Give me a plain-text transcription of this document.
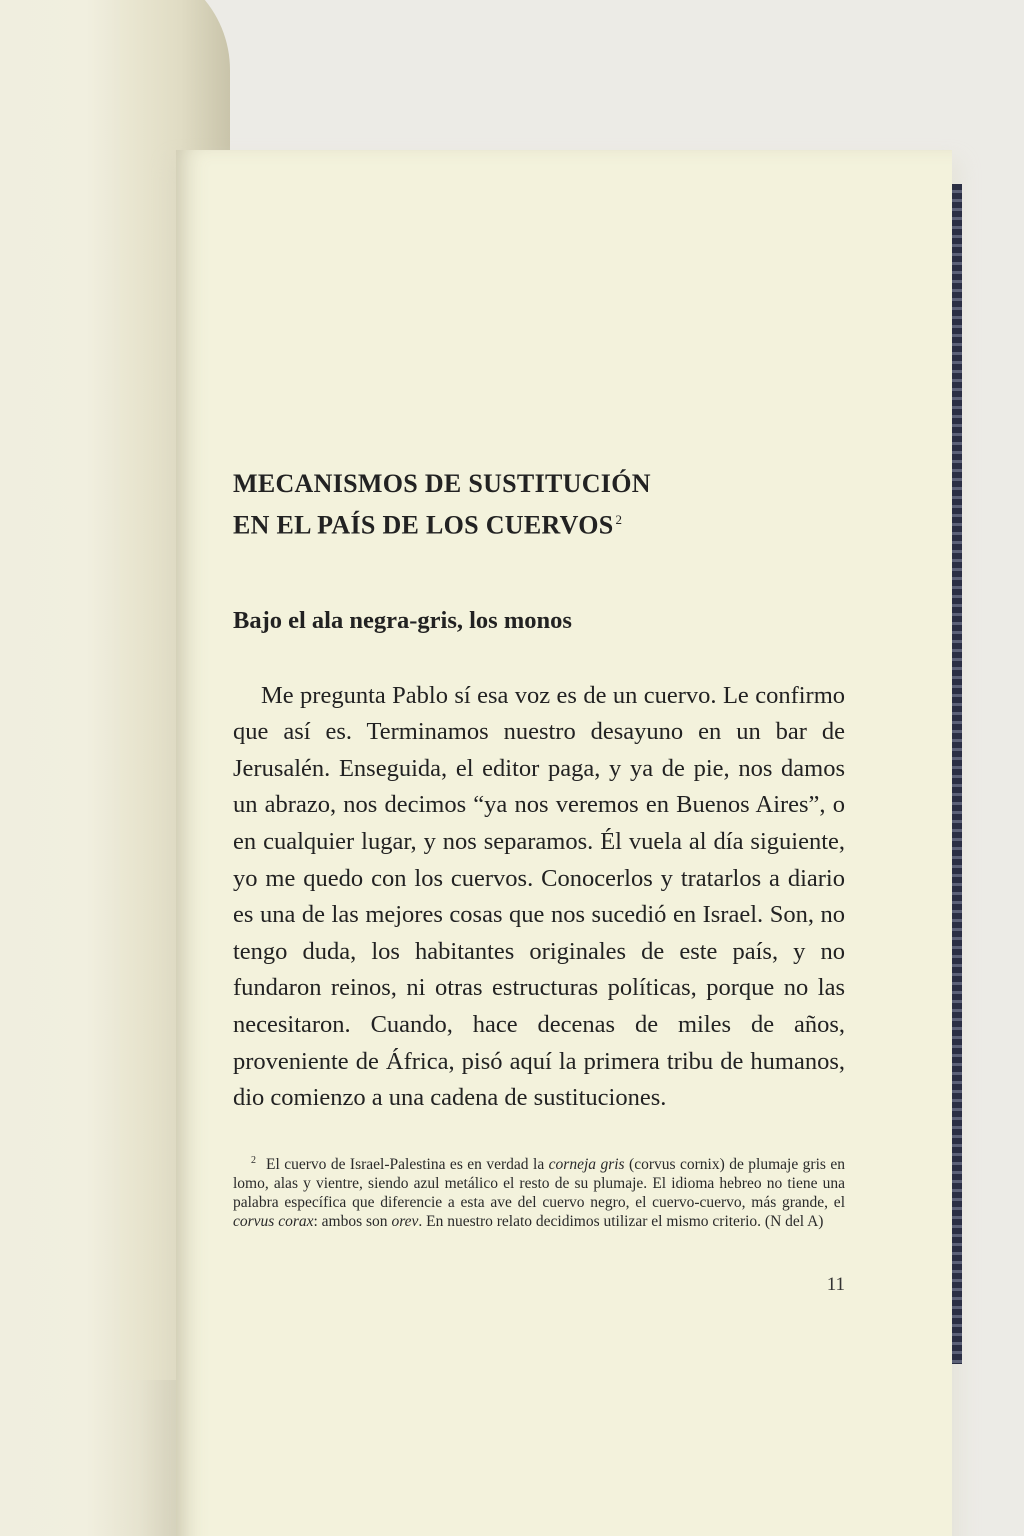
MECANISMOS DE SUSTITUCIÓN
EN EL PAÍS DE LOS CUERVOS $^2$
Bajo el ala negra-gris, los monos

Me pregunta Pablo sí esa voz es de un cuervo. Le confirmo que así es. Terminamos nuestro desayuno en un bar de Jerusalén. Enseguida, el editor paga, y ya de pie, nos damos un abrazo, nos decimos “ya nos veremos en Buenos Aires”, o en cualquier lugar, y nos separamos. Él vuela al día siguiente, yo me quedo con los cuervos. Conocerlos y tratarlos a diario es una de las mejores cosas que nos sucedió en Israel. Son, no tengo duda, los habitantes originales de este país, y no fundaron reinos, ni otras estructuras políticas, porque no las necesitaron. Cuando, hace decenas de miles de años, proveniente de África, pisó aquí la primera tribu de humanos, dio comienzo a una cadena de sustituciones.

$^2$ El cuervo de Israel-Palestina es en verdad la corneja gris (corvus cornix) de plumaje gris en lomo, alas y vientre, siendo azul metálico el resto de su plumaje. El idioma hebreo no tiene una palabra específica que diferencie a esta ave del cuervo negro, el cuervo-cuervo, más grande, el corvus corax: ambos son orev. En nuestro relato decidimos utilizar el mismo criterio. (N del A)

11
